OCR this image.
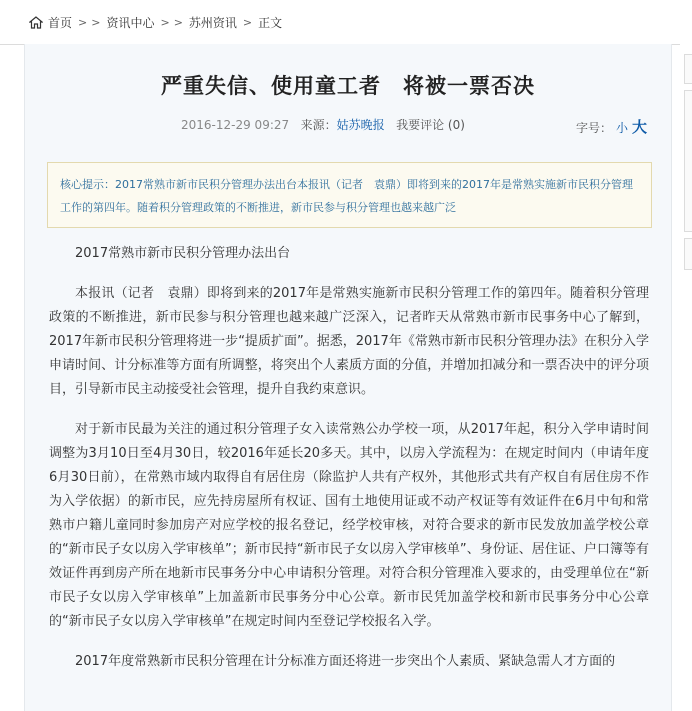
首页 > > 资讯中心 > > 苏州资讯 > 正文
严重失信、使用童工者　将被一票否决
2016-12-29 09:27 来源：姑苏晚报 我要评论 (0)	字号： 小 大
核心提示：2017常熟市新市民积分管理办法出台本报讯（记者　袁鼎）即将到来的2017年是常熟实施新市民积分管理工作的第四年。随着积分管理政策的不断推进，新市民参与积分管理也越来越广泛

2017常熟市新市民积分管理办法出台

本报讯（记者　袁鼎）即将到来的2017年是常熟实施新市民积分管理工作的第四年。随着积分管理政策的不断推进，新市民参与积分管理也越来越广泛深入，记者昨天从常熟市新市民事务中心了解到，2017年新市民积分管理将进一步“提质扩面”。据悉，2017年《常熟市新市民积分管理办法》在积分入学申请时间、计分标准等方面有所调整，将突出个人素质方面的分值，并增加扣减分和一票否决中的评分项目，引导新市民主动接受社会管理，提升自我约束意识。

对于新市民最为关注的通过积分管理子女入读常熟公办学校一项，从2017年起，积分入学申请时间调整为3月10日至4月30日，较2016年延长20多天。其中，以房入学流程为：在规定时间内（申请年度6月30日前），在常熟市域内取得自有居住房（除监护人共有产权外，其他形式共有产权自有居住房不作为入学依据）的新市民，应先持房屋所有权证、国有土地使用证或不动产权证等有效证件在6月中旬和常熟市户籍儿童同时参加房产对应学校的报名登记，经学校审核，对符合要求的新市民发放加盖学校公章的“新市民子女以房入学审核单”；新市民持“新市民子女以房入学审核单”、身份证、居住证、户口簿等有效证件再到房产所在地新市民事务分中心申请积分管理。对符合积分管理准入要求的，由受理单位在“新市民子女以房入学审核单”上加盖新市民事务分中心公章。新市民凭加盖学校和新市民事务分中心公章的“新市民子女以房入学审核单”在规定时间内至登记学校报名入学。

2017年度常熟新市民积分管理在计分标准方面还将进一步突出个人素质、紧缺急需人才方面的
